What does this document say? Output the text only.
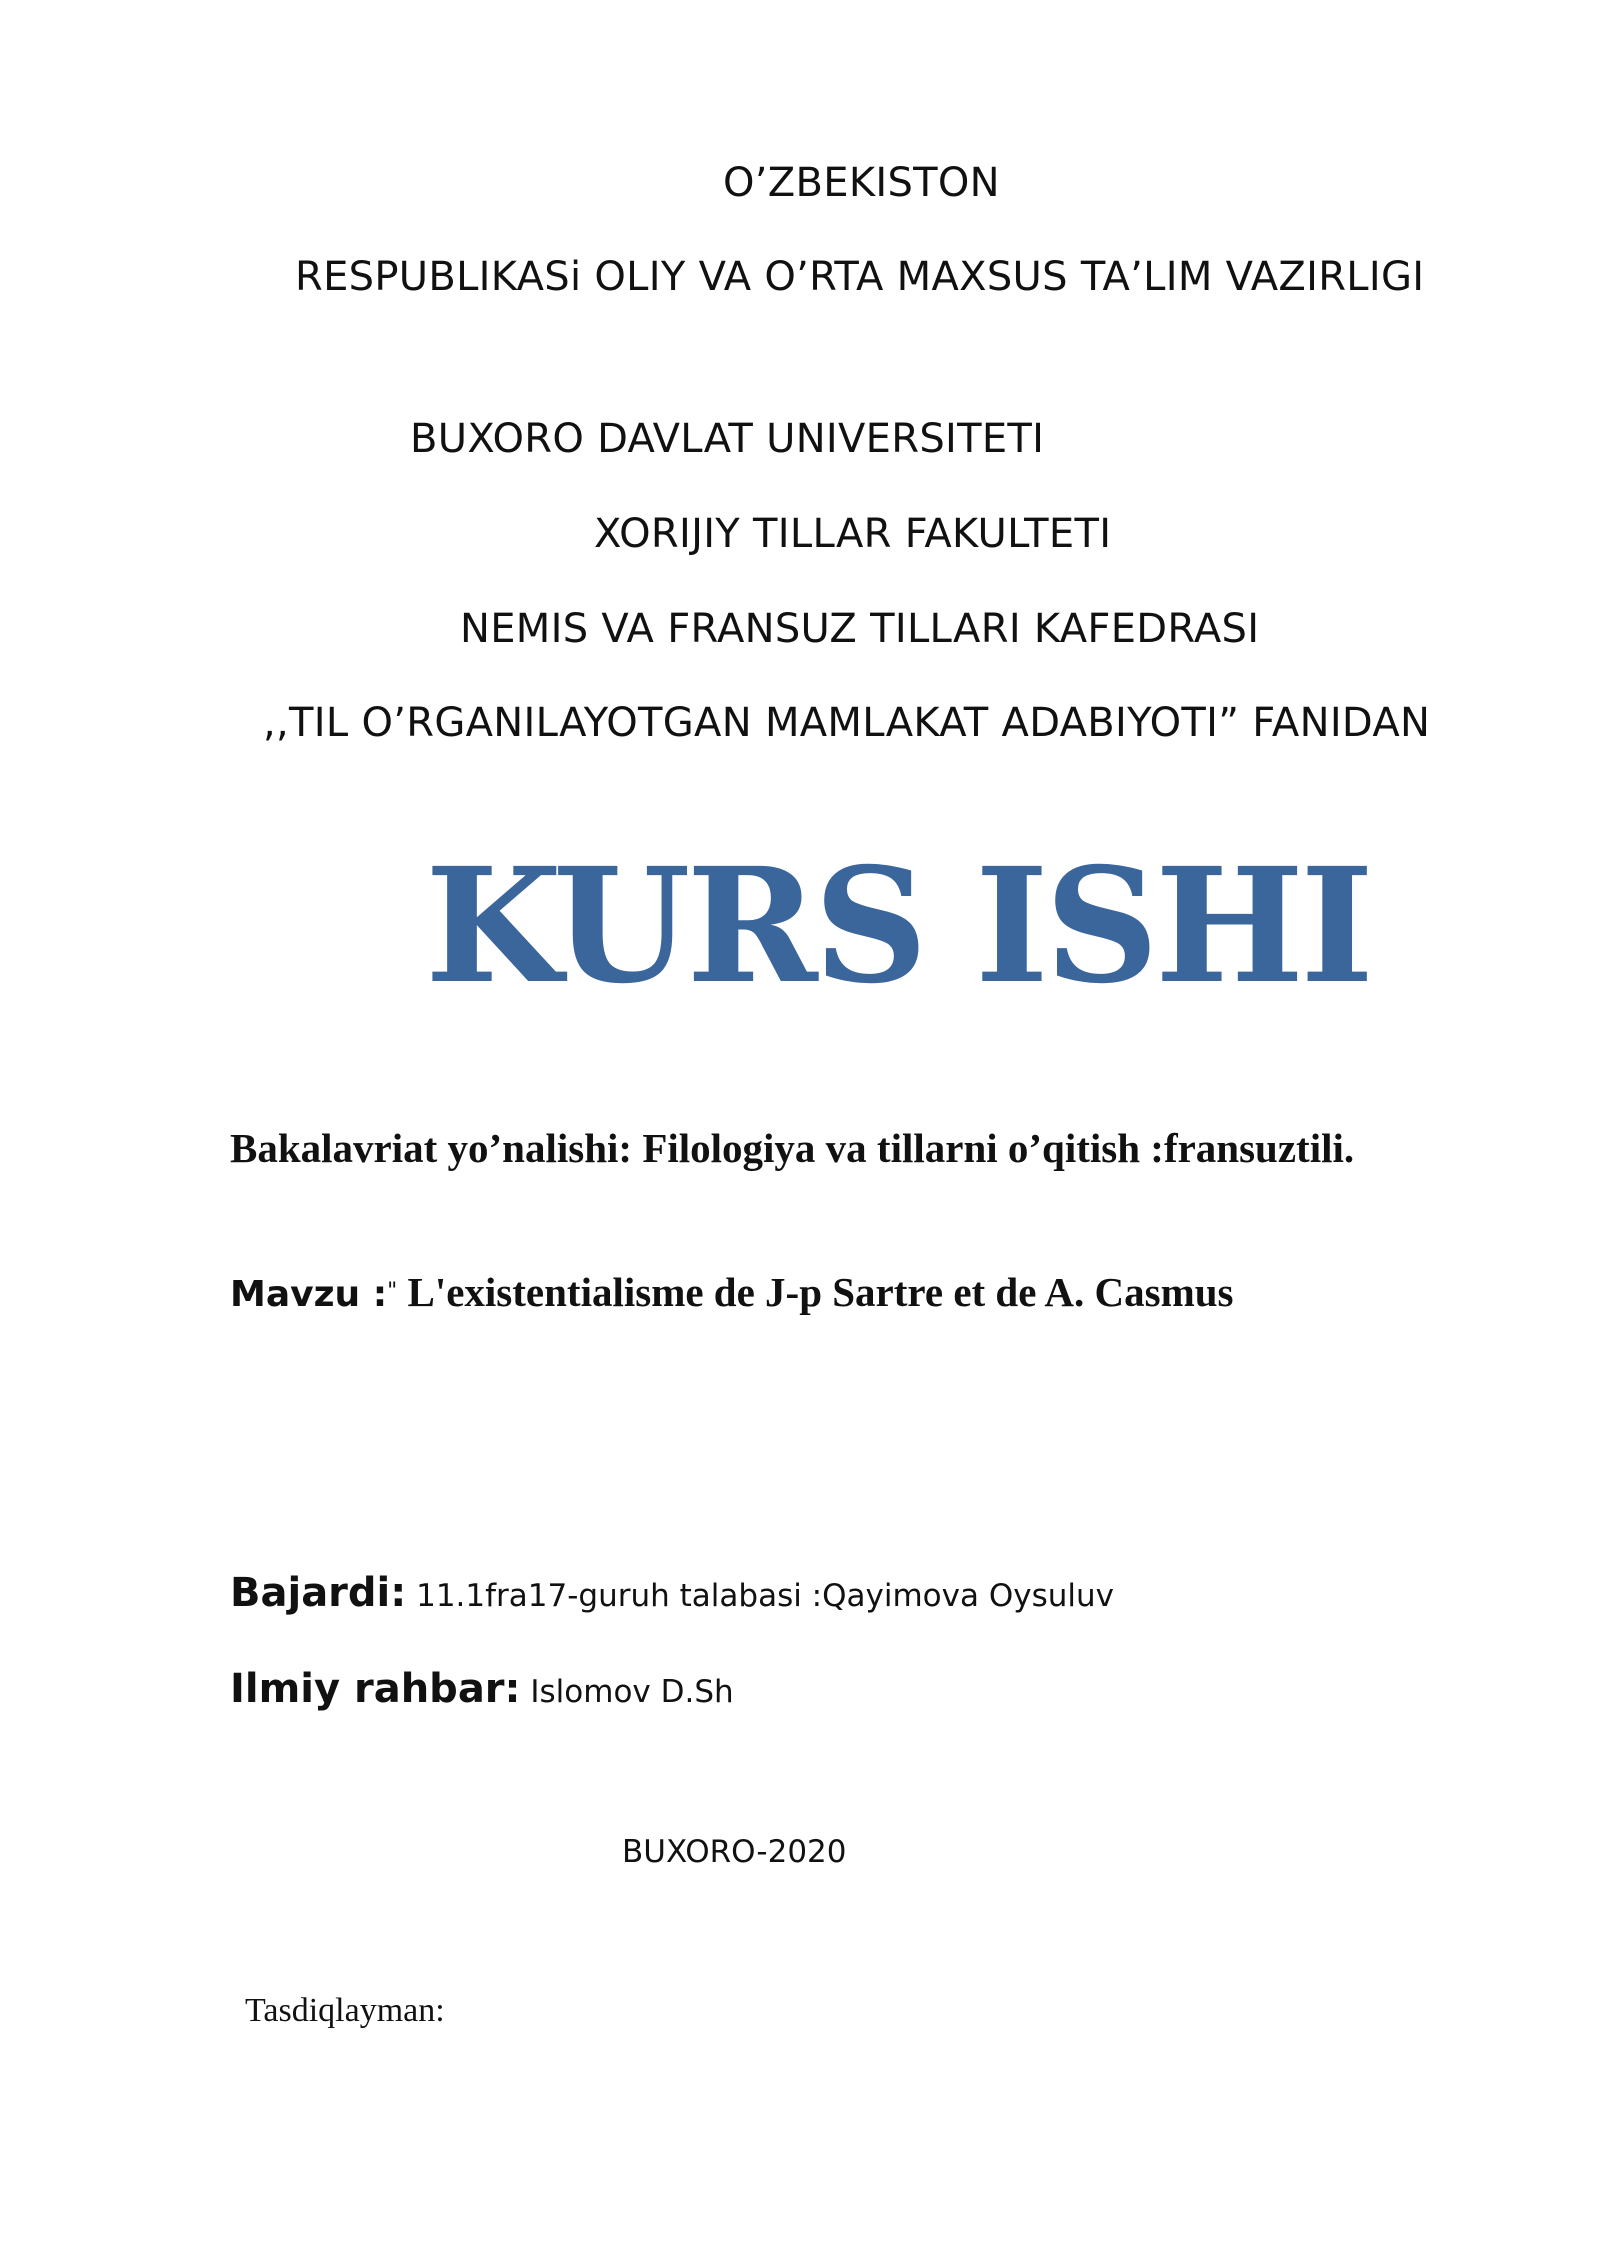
O’ZBEKISTON
RESPUBLIKASi OLIY VA O’RTA MAXSUS TA’LIM VAZIRLIGI
BUXORO DAVLAT UNIVERSITETI
XORIJIY TILLAR FAKULTETI
NEMIS VA FRANSUZ TILLARI KAFEDRASI
,,TIL O’RGANILAYOTGAN MAMLAKAT ADABIYOTI” FANIDAN
KURS ISHI
Bakalavriat yo’nalishi: Filologiya va tillarni o’qitish :fransuztili.
Mavzu :" L'existentialisme de J-p Sartre et de A. Casmus
Bajardi: 11.1fra17-guruh talabasi :Qayimova Oysuluv
Ilmiy rahbar: Islomov D.Sh
BUXORO-2020
Tasdiqlayman:
